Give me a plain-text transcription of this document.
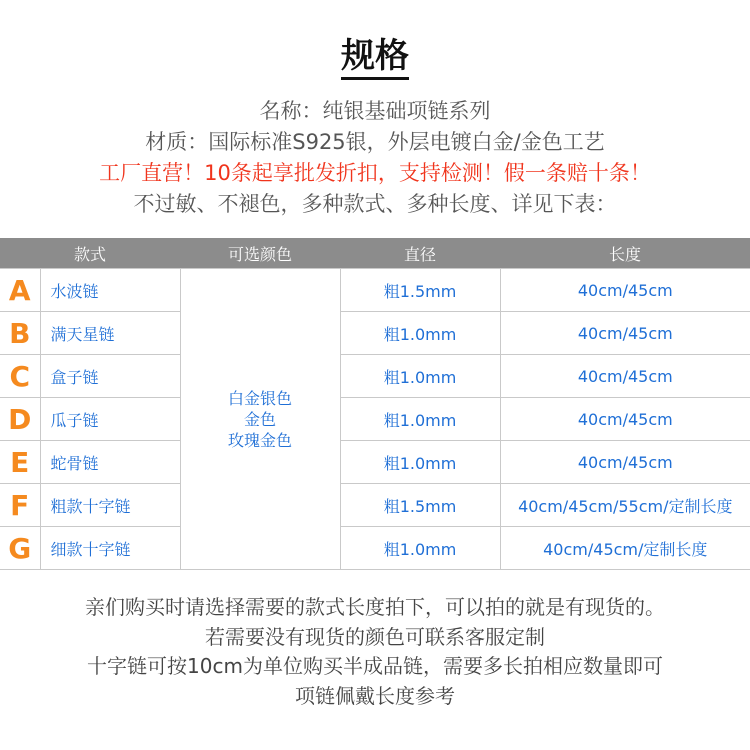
规格
名称：纯银基础项链系列
材质：国际标准S925银，外层电镀白金/金色工艺
工厂直营！10条起享批发折扣，支持检测！假一条赔十条！
不过敏、不褪色，多种款式、多种长度、详见下表：
款式		可选颜色	直径	长度
A	水波链	白金银色
金色
玫瑰金色	粗1.5mm	40cm/45cm
B	满天星链		粗1.0mm	40cm/45cm
C	盒子链		粗1.0mm	40cm/45cm
D	瓜子链		粗1.0mm	40cm/45cm
E	蛇骨链		粗1.0mm	40cm/45cm
F	粗款十字链		粗1.5mm	40cm/45cm/55cm/定制长度
G	细款十字链		粗1.0mm	40cm/45cm/定制长度
亲们购买时请选择需要的款式长度拍下，可以拍的就是有现货的。
若需要没有现货的颜色可联系客服定制
十字链可按10cm为单位购买半成品链，需要多长拍相应数量即可
项链佩戴长度参考
